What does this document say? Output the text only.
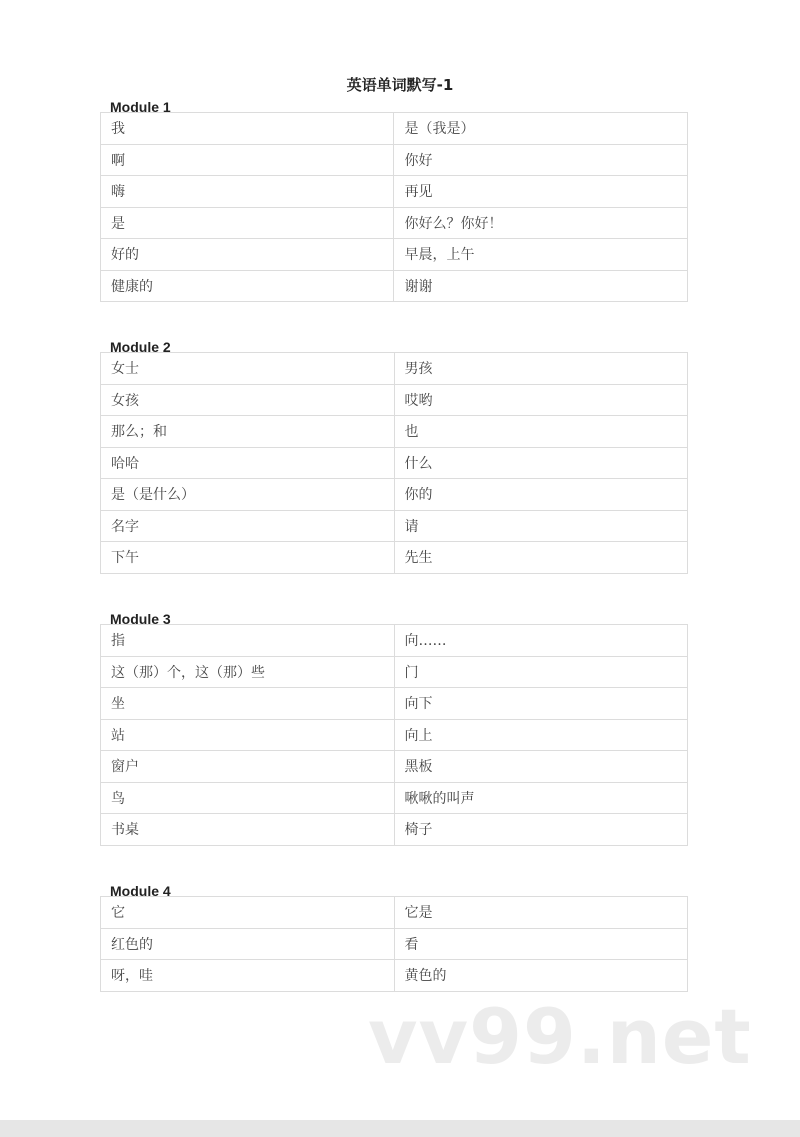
英语单词默写-1
Module 1
我	是（我是）
啊	你好
嗨	再见
是	你好么？你好！
好的	早晨，上午
健康的	谢谢
Module 2
女士	男孩
女孩	哎哟
那么；和	也
哈哈	什么
是（是什么）	你的
名字	请
下午	先生
Module 3
指	向……
这（那）个，这（那）些	门
坐	向下
站	向上
窗户	黑板
鸟	啾啾的叫声
书桌	椅子
Module 4
它	它是
红色的	看
呀，哇	黄色的
vv99.net
